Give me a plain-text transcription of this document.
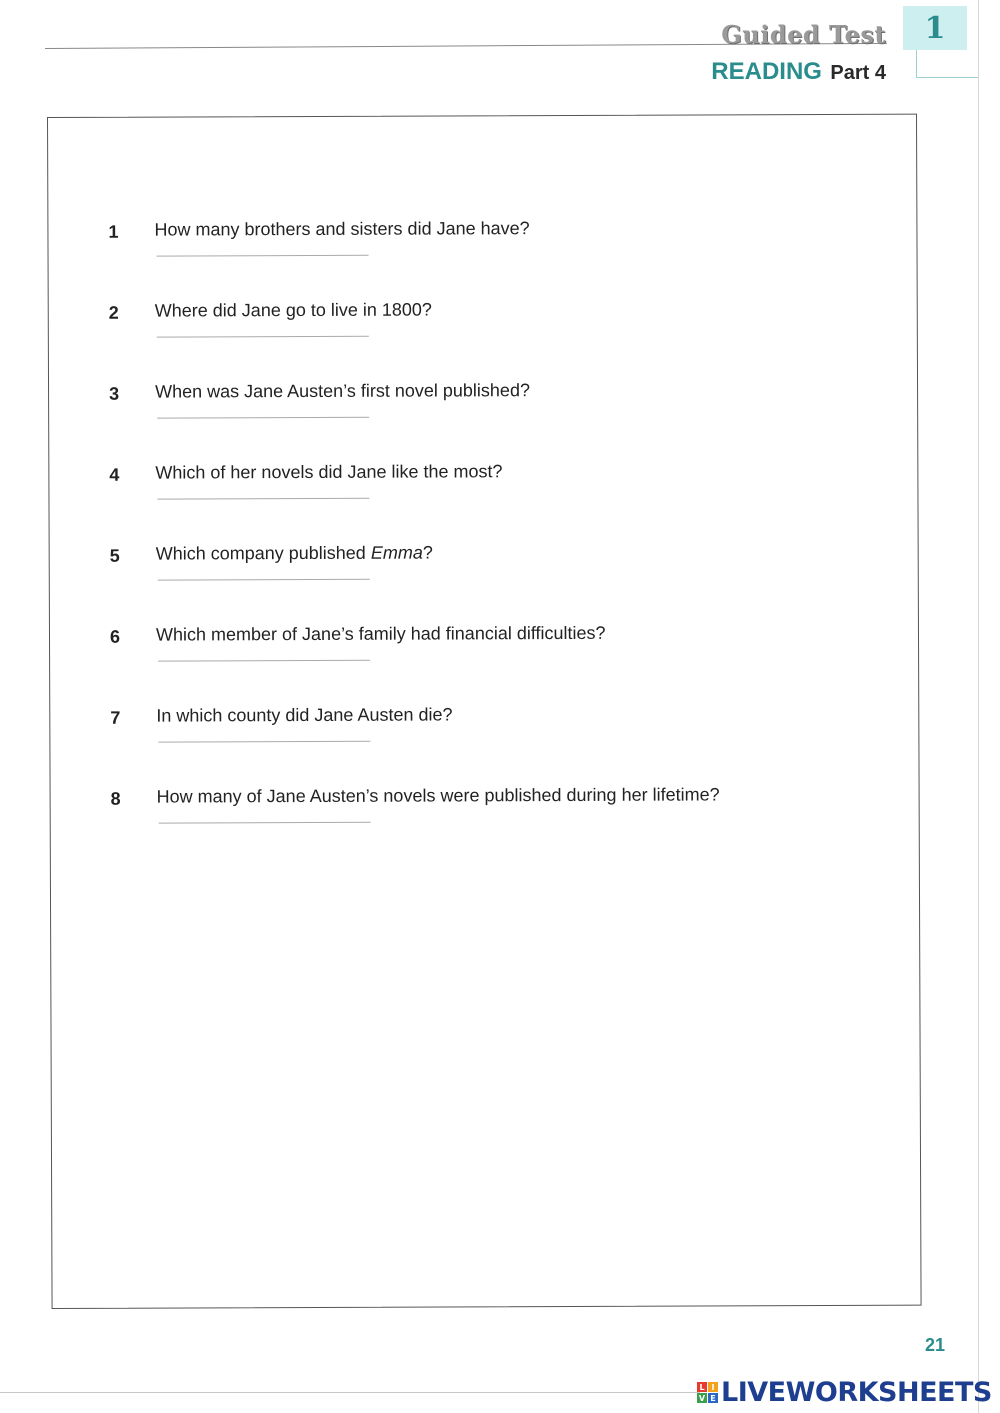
Guided Test
READING Part 4
1
1	How many brothers and sisters did Jane have?
2	Where did Jane go to live in 1800?
3	When was Jane Austen’s first novel published?
4	Which of her novels did Jane like the most?
5	Which company published Emma?
6	Which member of Jane’s family had financial difficulties?
7	In which county did Jane Austen die?
8	How many of Jane Austen’s novels were published during her lifetime?
21
L I
V E LIVEWORKSHEETS
